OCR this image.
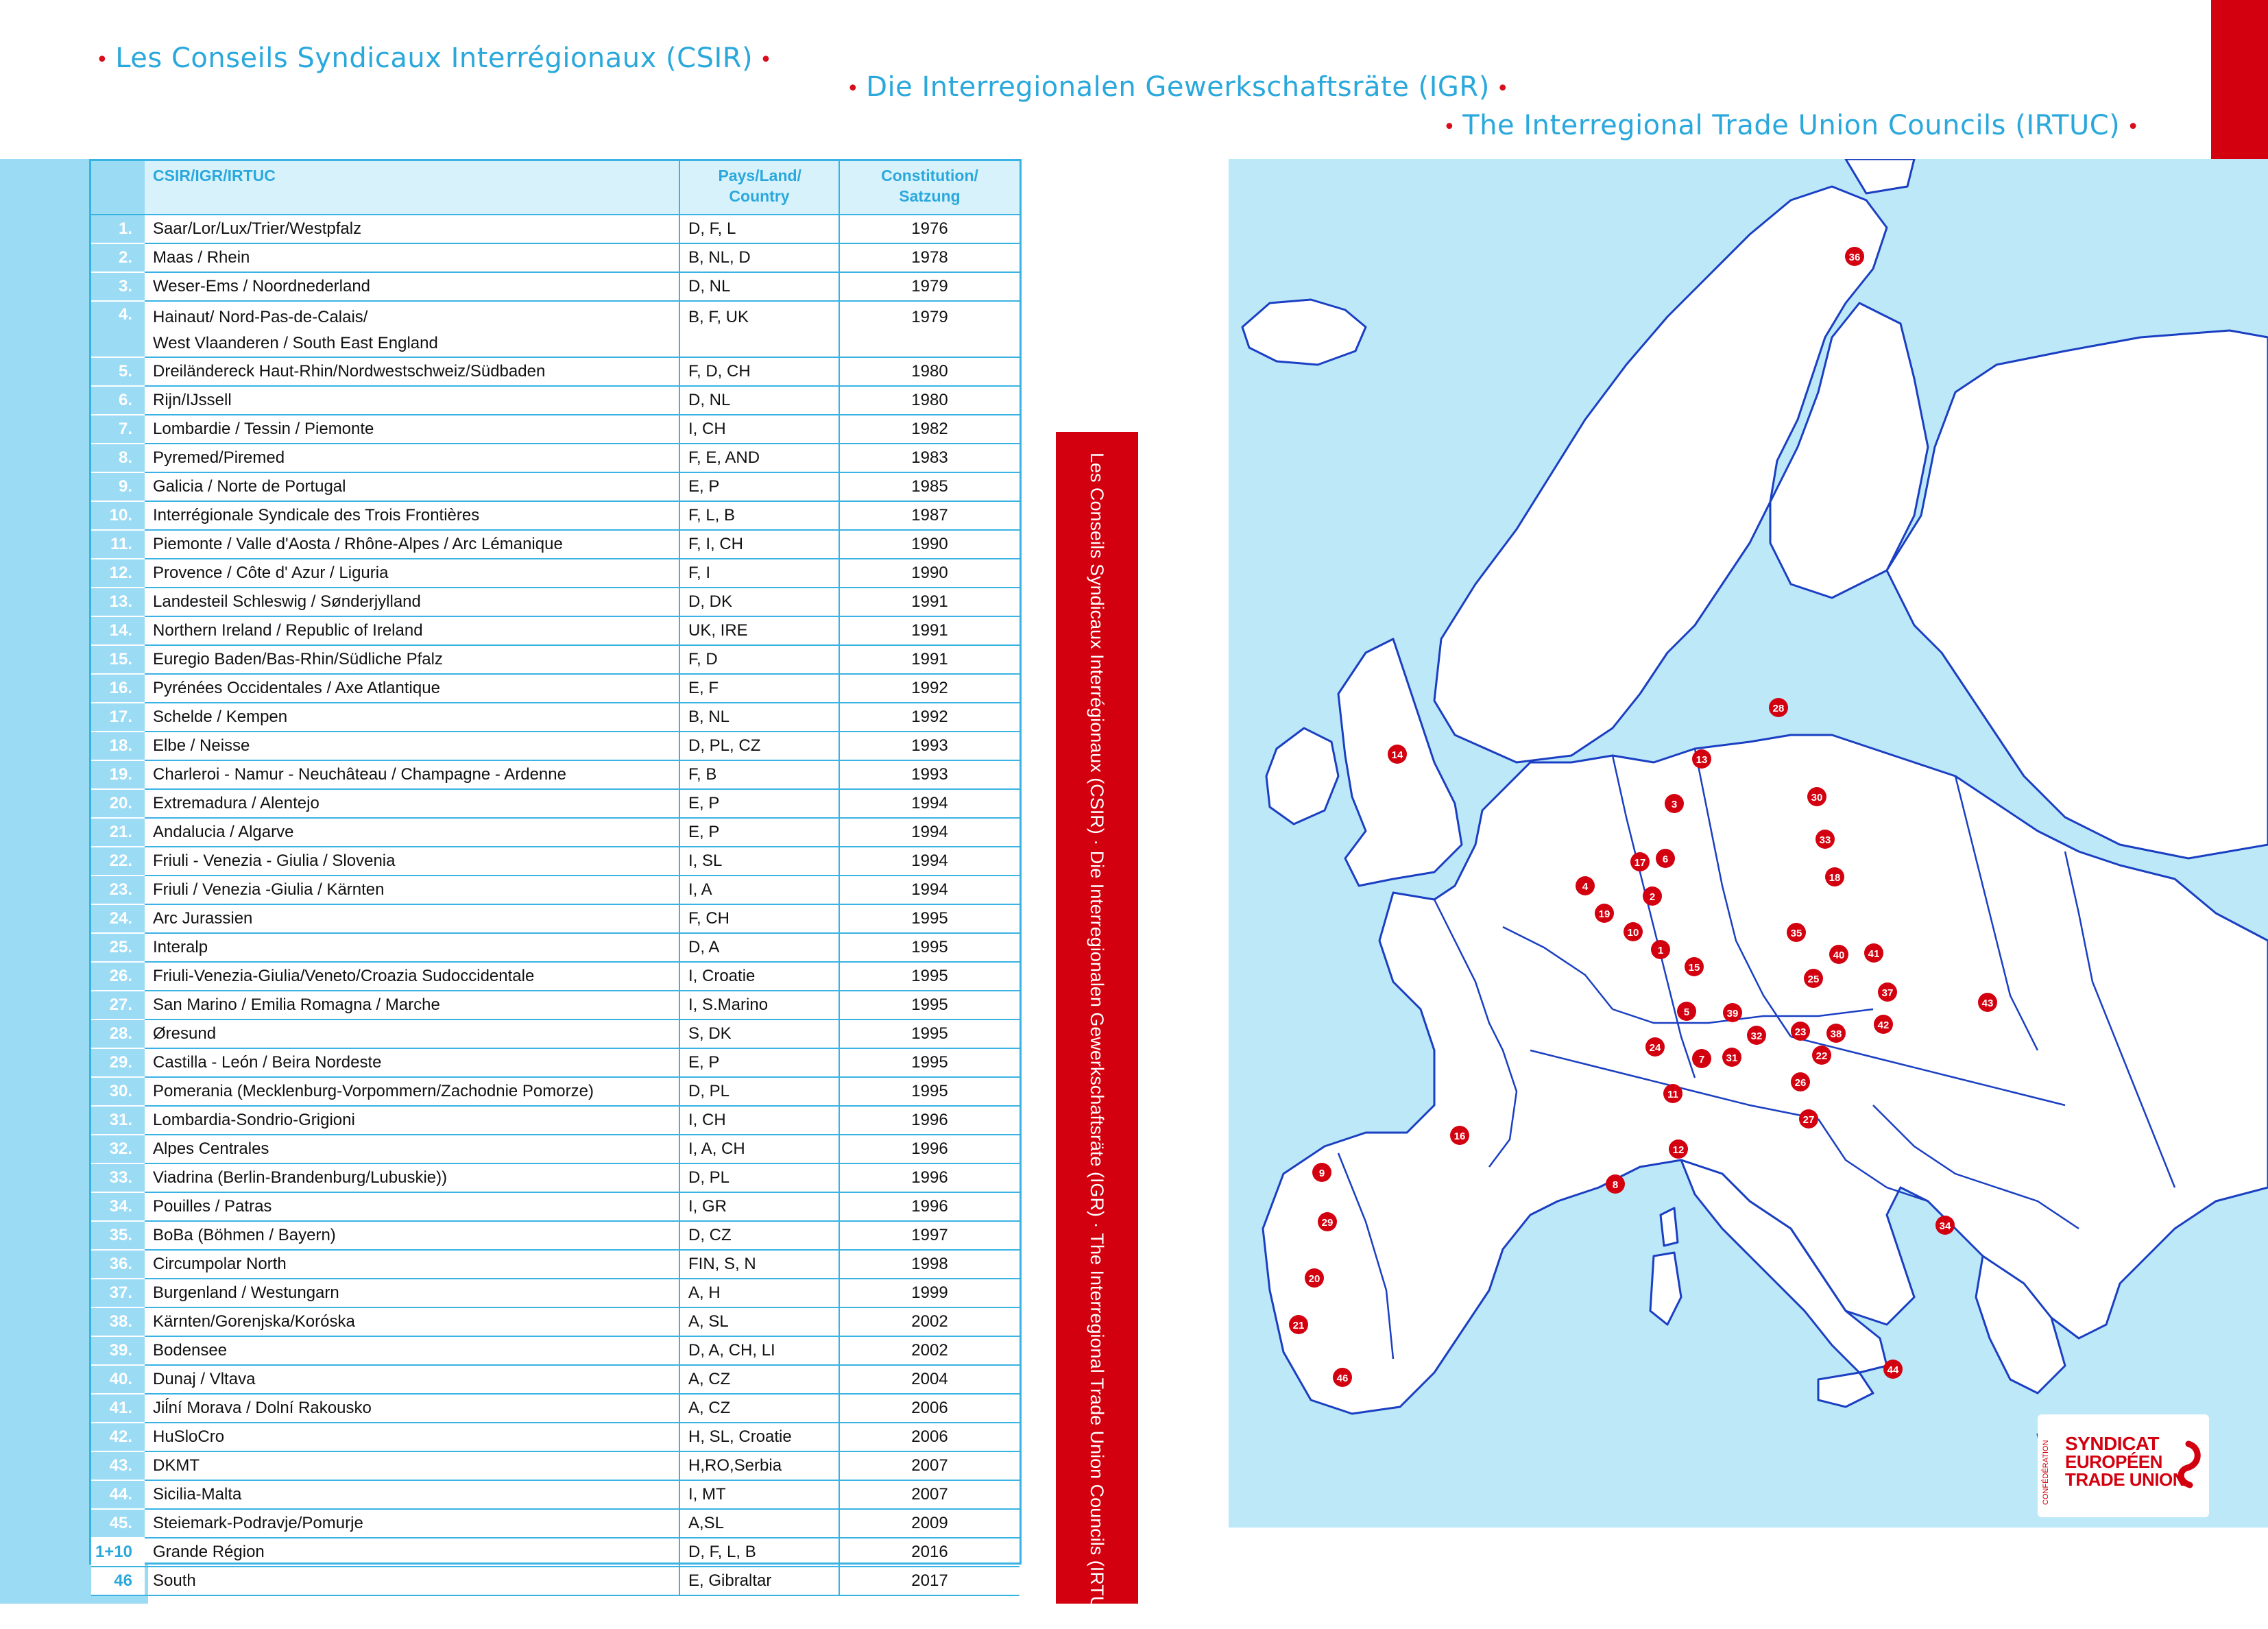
• Les Conseils Syndicaux Interrégionaux (CSIR) •
• Die Interregionalen Gewerkschaftsräte (IGR) •
• The Interregional Trade Union Councils (IRTUC) •
	CSIR/IGR/IRTUC	Pays/Land/ Country	Constitution/ Satzung
1.	Saar/Lor/Lux/Trier/Westpfalz	D, F, L	1976
2.	Maas / Rhein	B, NL, D	1978
3.	Weser-Ems / Noordnederland	D, NL	1979
4.	Hainaut/ Nord-Pas-de-Calais/
West Vlaanderen / South East England	B, F, UK	1979
5.	Dreiländereck Haut-Rhin/Nordwestschweiz/Südbaden	F, D, CH	1980
6.	Rijn/IJssell	D, NL	1980
7.	Lombardie / Tessin / Piemonte	I, CH	1982
8.	Pyremed/Piremed	F, E, AND	1983
9.	Galicia / Norte de Portugal	E, P	1985
10.	Interrégionale Syndicale des Trois Frontières	F, L, B	1987
11.	Piemonte / Valle d'Aosta / Rhône-Alpes / Arc Lémanique	F, I, CH	1990
12.	Provence / Côte d' Azur / Liguria	F, I	1990
13.	Landesteil Schleswig / Sønderjylland	D, DK	1991
14.	Northern Ireland / Republic of Ireland	UK, IRE	1991
15.	Euregio Baden/Bas-Rhin/Südliche Pfalz	F, D	1991
16.	Pyrénées Occidentales / Axe Atlantique	E, F	1992
17.	Schelde / Kempen	B, NL	1992
18.	Elbe / Neisse	D, PL, CZ	1993
19.	Charleroi - Namur - Neuchâteau / Champagne - Ardenne	F, B	1993
20.	Extremadura / Alentejo	E, P	1994
21.	Andalucia / Algarve	E, P	1994
22.	Friuli - Venezia - Giulia / Slovenia	I, SL	1994
23.	Friuli / Venezia -Giulia / Kärnten	I, A	1994
24.	Arc Jurassien	F, CH	1995
25.	Interalp	D, A	1995
26.	Friuli-Venezia-Giulia/Veneto/Croazia Sudoccidentale	I, Croatie	1995
27.	San Marino / Emilia Romagna / Marche	I, S.Marino	1995
28.	Øresund	S, DK	1995
29.	Castilla - León / Beira Nordeste	E, P	1995
30.	Pomerania (Mecklenburg-Vorpommern/Zachodnie Pomorze)	D, PL	1995
31.	Lombardia-Sondrio-Grigioni	I, CH	1996
32.	Alpes Centrales	I, A, CH	1996
33.	Viadrina (Berlin-Brandenburg/Lubuskie))	D, PL	1996
34.	Pouilles / Patras	I, GR	1996
35.	BoBa (Böhmen / Bayern)	D, CZ	1997
36.	Circumpolar North	FIN, S, N	1998
37.	Burgenland / Westungarn	A, H	1999
38.	Kärnten/Gorenjska/Koróska	A, SL	2002
39.	Bodensee	D, A, CH, LI	2002
40.	Dunaj / Vltava	A, CZ	2004
41.	Jiĺní Morava / Dolní Rakousko	A, CZ	2006
42.	HuSloCro	H, SL, Croatie	2006
43.	DKMT	H,RO,Serbia	2007
44.	Sicilia-Malta	I, MT	2007
45.	Steiemark-Podravje/Pomurje	A,SL	2009
1+10	Grande Région	D, F, L, B	2016
46	South	E, Gibraltar	2017	Les Conseils Syndicaux Interrégionaux (CSIR) · Die Interregionalen Gewerkschaftsräte (IGR) · The Interregional Trade Union Councils (IRTUC)	1
2
3
4
5
6
7
8
9
10
11
12
13
14
15
16
17
18
19
20
21
22
23
24
25
26
27
28
29
30
31
32
33
34
35
36
37
38
39
40 41
42
43
44
46
CONFÉDÉRATION SYNDICAT
EUROPÉEN
TRADE UNION
